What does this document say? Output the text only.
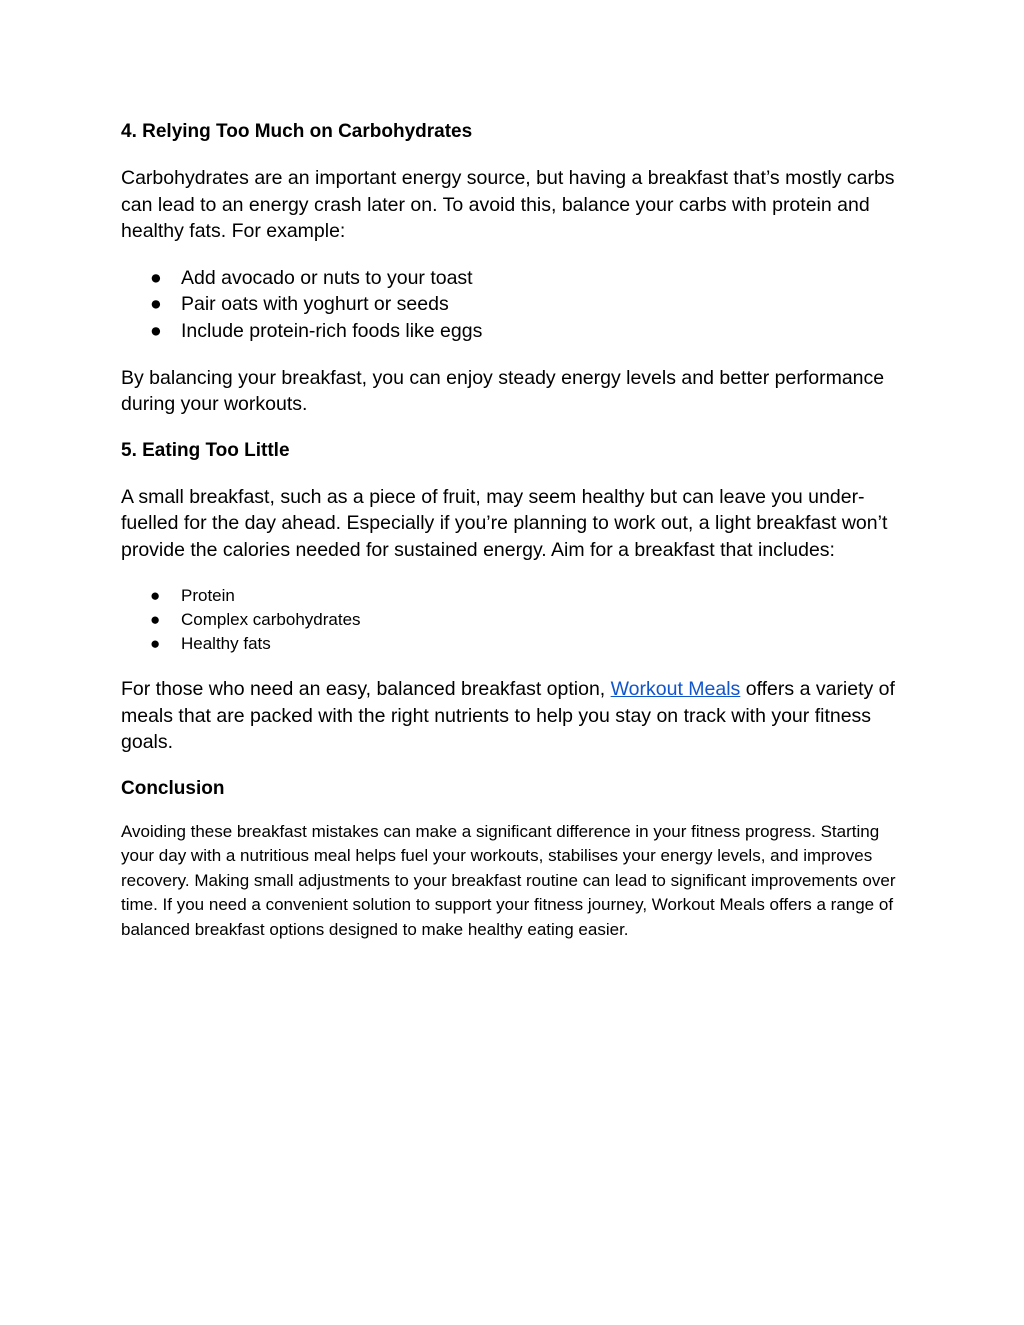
4. Relying Too Much on Carbohydrates

Carbohydrates are an important energy source, but having a breakfast that’s mostly carbs can lead to an energy crash later on. To avoid this, balance your carbs with protein and healthy fats. For example:

● Add avocado or nuts to your toast
● Pair oats with yoghurt or seeds
● Include protein-rich foods like eggs

By balancing your breakfast, you can enjoy steady energy levels and better performance during your workouts.

5. Eating Too Little

A small breakfast, such as a piece of fruit, may seem healthy but can leave you under-fuelled for the day ahead. Especially if you’re planning to work out, a light breakfast won’t provide the calories needed for sustained energy. Aim for a breakfast that includes:

● Protein
● Complex carbohydrates
● Healthy fats

For those who need an easy, balanced breakfast option, Workout Meals offers a variety of meals that are packed with the right nutrients to help you stay on track with your fitness goals.

Conclusion

Avoiding these breakfast mistakes can make a significant difference in your fitness progress. Starting your day with a nutritious meal helps fuel your workouts, stabilises your energy levels, and improves recovery. Making small adjustments to your breakfast routine can lead to significant improvements over time. If you need a convenient solution to support your fitness journey, Workout Meals offers a range of balanced breakfast options designed to make healthy eating easier.
